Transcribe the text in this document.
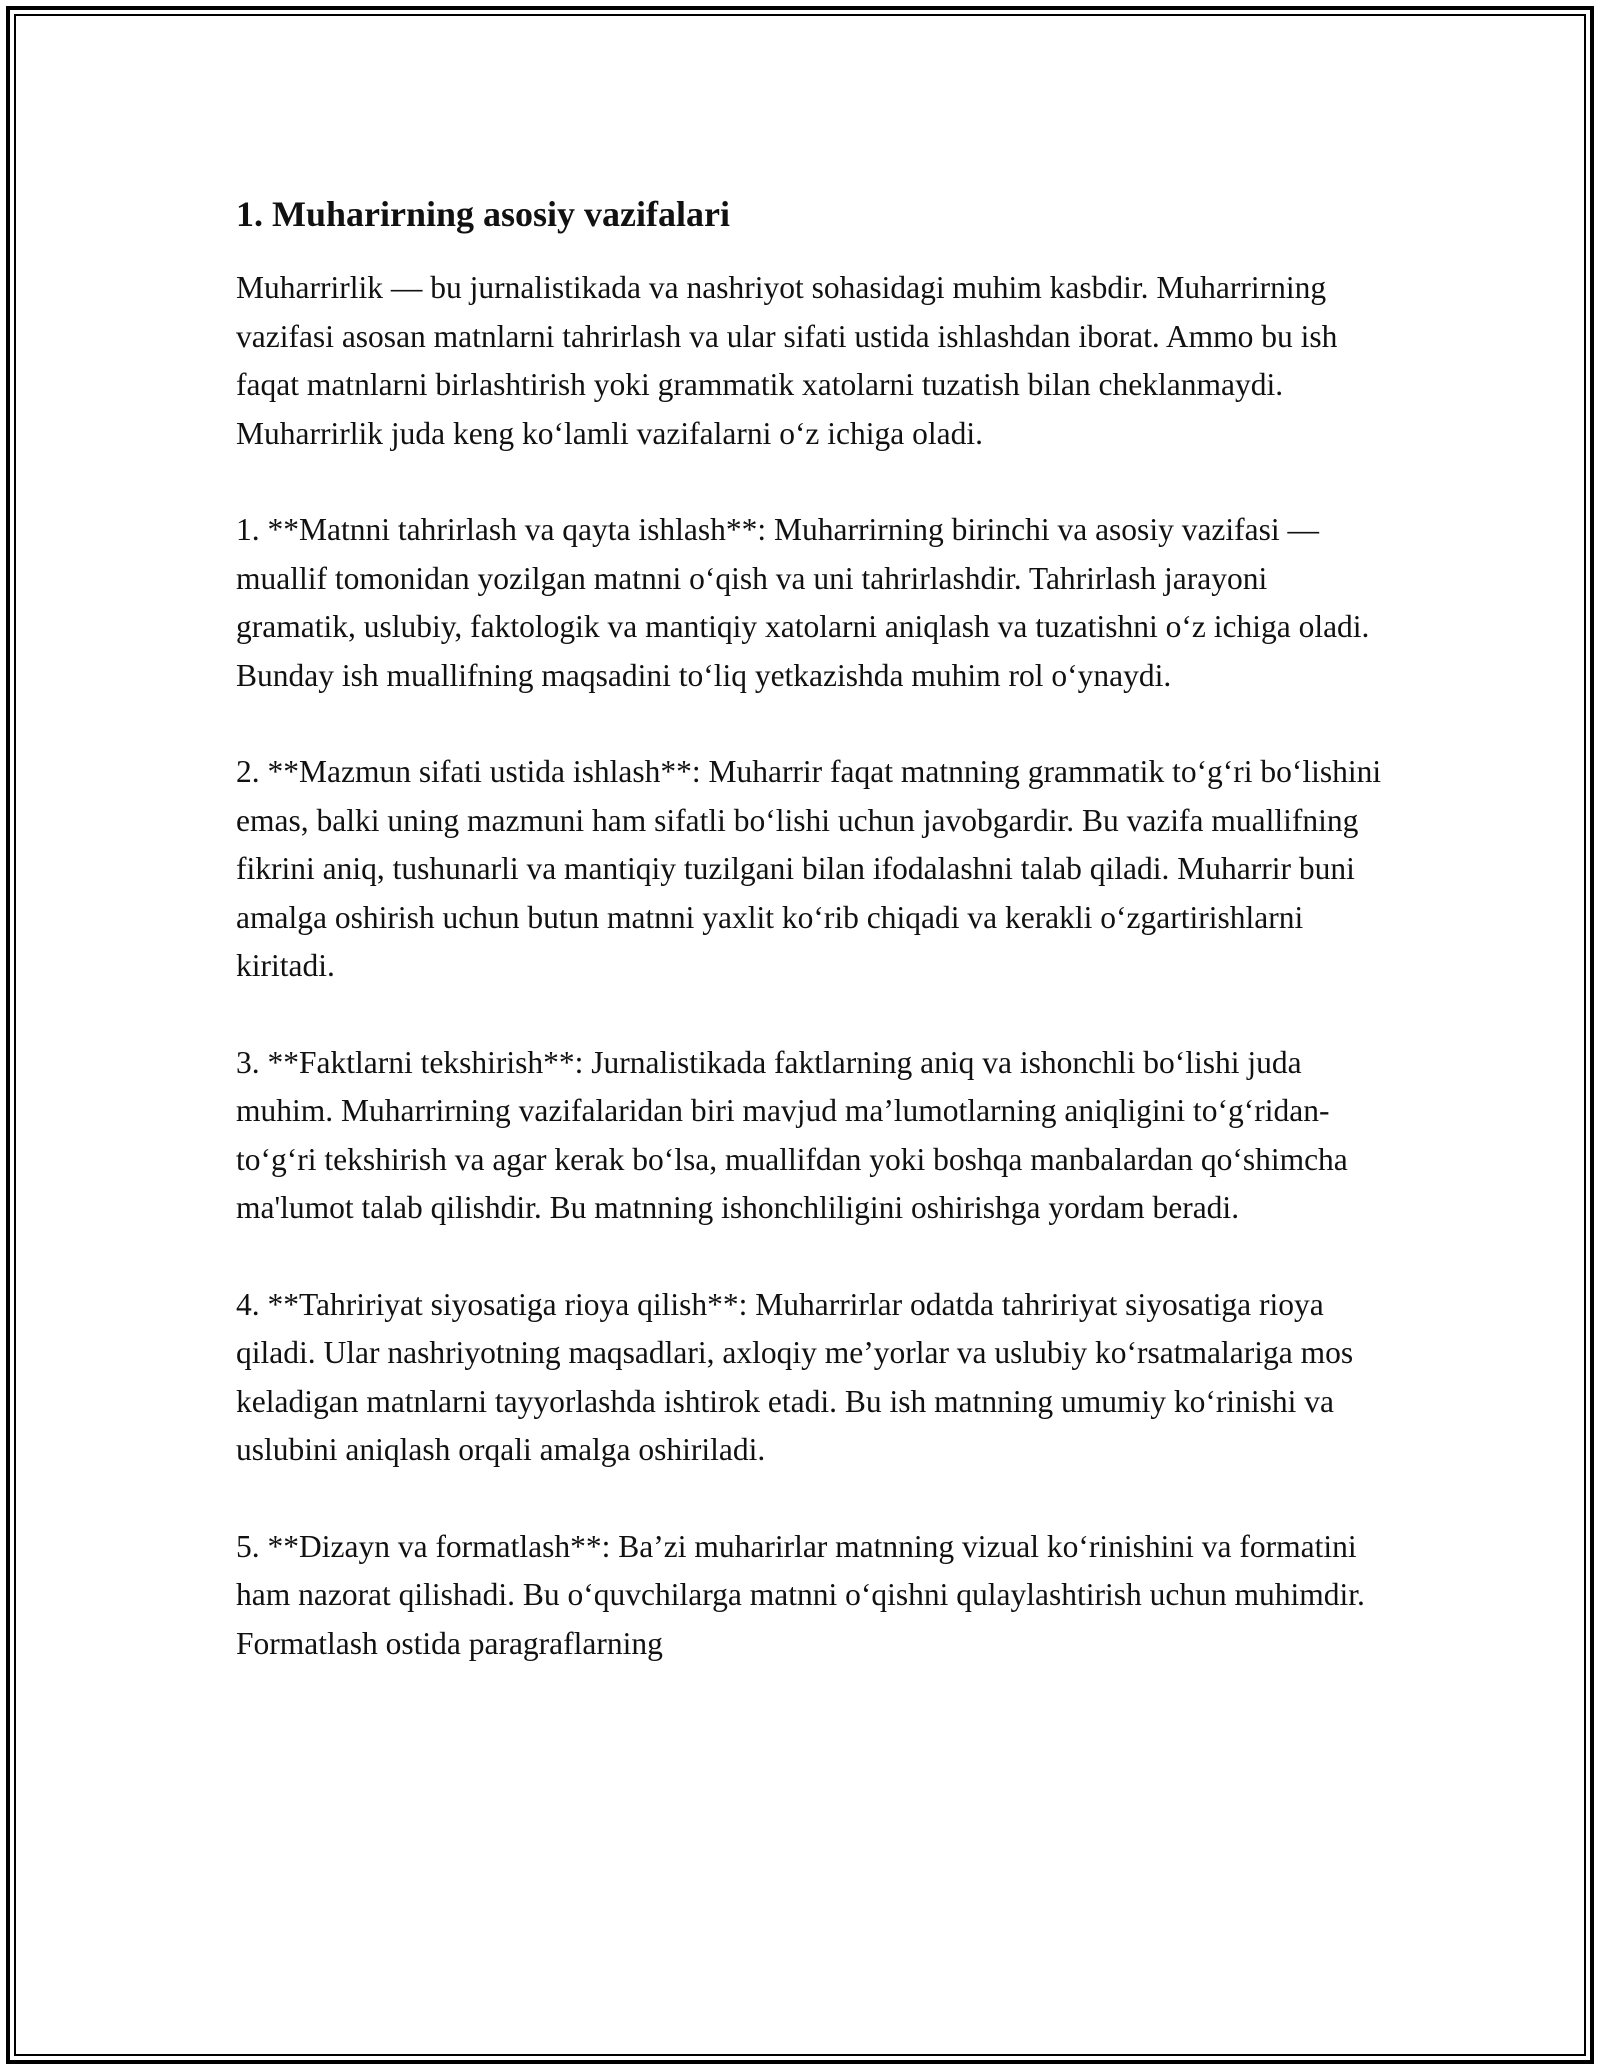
1. Muharirning asosiy vazifalari

Muharrirlik — bu jurnalistikada va nashriyot sohasidagi muhim kasbdir. Muharrirning vazifasi asosan matnlarni tahrirlash va ular sifati ustida ishlashdan iborat. Ammo bu ish faqat matnlarni birlashtirish yoki grammatik xatolarni tuzatish bilan cheklanmaydi. Muharrirlik juda keng ko‘lamli vazifalarni o‘z ichiga oladi.

1. **Matnni tahrirlash va qayta ishlash**: Muharrirning birinchi va asosiy vazifasi — muallif tomonidan yozilgan matnni o‘qish va uni tahrirlashdir. Tahrirlash jarayoni gramatik, uslubiy, faktologik va mantiqiy xatolarni aniqlash va tuzatishni o‘z ichiga oladi. Bunday ish muallifning maqsadini to‘liq yetkazishda muhim rol o‘ynaydi.

2. **Mazmun sifati ustida ishlash**: Muharrir faqat matnning grammatik to‘g‘ri bo‘lishini emas, balki uning mazmuni ham sifatli bo‘lishi uchun javobgardir. Bu vazifa muallifning fikrini aniq, tushunarli va mantiqiy tuzilgani bilan ifodalashni talab qiladi. Muharrir buni amalga oshirish uchun butun matnni yaxlit ko‘rib chiqadi va kerakli o‘zgartirishlarni kiritadi.

3. **Faktlarni tekshirish**: Jurnalistikada faktlarning aniq va ishonchli bo‘lishi juda muhim. Muharrirning vazifalaridan biri mavjud ma’lumotlarning aniqligini to‘g‘ridan-to‘g‘ri tekshirish va agar kerak bo‘lsa, muallifdan yoki boshqa manbalardan qo‘shimcha ma'lumot talab qilishdir. Bu matnning ishonchliligini oshirishga yordam beradi.

4. **Tahririyat siyosatiga rioya qilish**: Muharrirlar odatda tahririyat siyosatiga rioya qiladi. Ular nashriyotning maqsadlari, axloqiy me’yorlar va uslubiy ko‘rsatmalariga mos keladigan matnlarni tayyorlashda ishtirok etadi. Bu ish matnning umumiy ko‘rinishi va uslubini aniqlash orqali amalga oshiriladi.

5. **Dizayn va formatlash**: Ba’zi muharirlar matnning vizual ko‘rinishini va formatini ham nazorat qilishadi. Bu o‘quvchilarga matnni o‘qishni qulaylashtirish uchun muhimdir. Formatlash ostida paragraflarning
